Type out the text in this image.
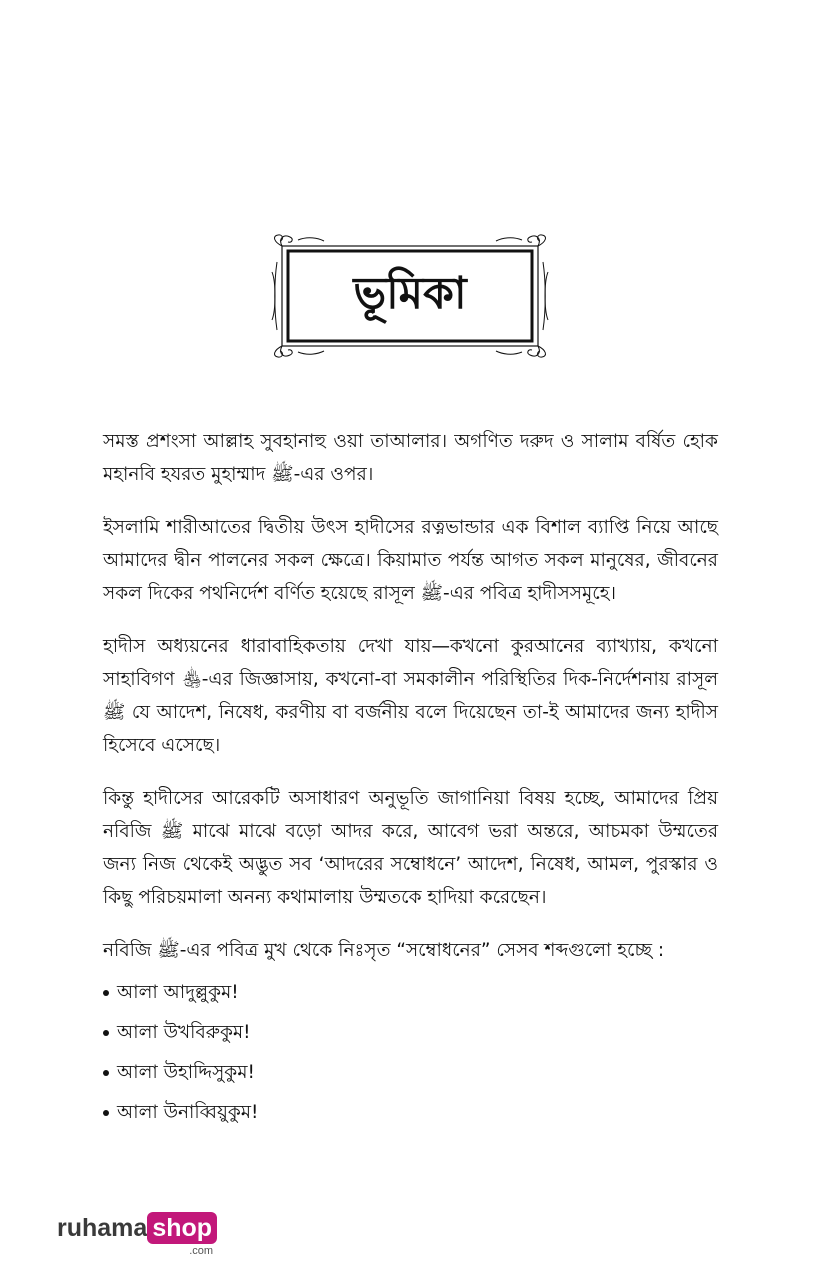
ভূমিকা

সমস্ত প্রশংসা আল্লাহ সুবহানাহু ওয়া তাআলার। অগণিত দরুদ ও সালাম বর্ষিত হোক মহানবি হযরত মুহাম্মাদ ﷺ-এর ওপর।

ইসলামি শারীআতের দ্বিতীয় উৎস হাদীসের রত্নভান্ডার এক বিশাল ব্যাপ্তি নিয়ে আছে আমাদের দ্বীন পালনের সকল ক্ষেত্রে। কিয়ামাত পর্যন্ত আগত সকল মানুষের, জীবনের সকল দিকের পথনির্দেশ বর্ণিত হয়েছে রাসূল ﷺ-এর পবিত্র হাদীসসমূহে।

হাদীস অধ্যয়নের ধারাবাহিকতায় দেখা যায়—কখনো কুরআনের ব্যাখ্যায়, কখনো সাহাবিগণ ﵃-এর জিজ্ঞাসায়, কখনো-বা সমকালীন পরিস্থিতির দিক-নির্দেশনায় রাসূল ﷺ যে আদেশ, নিষেধ, করণীয় বা বর্জনীয় বলে দিয়েছেন তা-ই আমাদের জন্য হাদীস হিসেবে এসেছে।

কিন্তু হাদীসের আরেকটি অসাধারণ অনুভূতি জাগানিয়া বিষয় হচ্ছে, আমাদের প্রিয় নবিজি ﷺ মাঝে মাঝে বড়ো আদর করে, আবেগ ভরা অন্তরে, আচমকা উম্মতের জন্য নিজ থেকেই অদ্ভুত সব ‘আদরের সম্বোধনে’ আদেশ, নিষেধ, আমল, পুরস্কার ও কিছু পরিচয়মালা অনন্য কথামালায় উম্মতকে হাদিয়া করেছেন।

নবিজি ﷺ-এর পবিত্র মুখ থেকে নিঃসৃত “সম্বোধনের” সেসব শব্দগুলো হচ্ছে :

আলা আদুল্লুকুম!
আলা উখবিরুকুম!
আলা উহাদ্দিসুকুম!
আলা উনাব্বিয়ুকুম!
ruhama shop
.com
